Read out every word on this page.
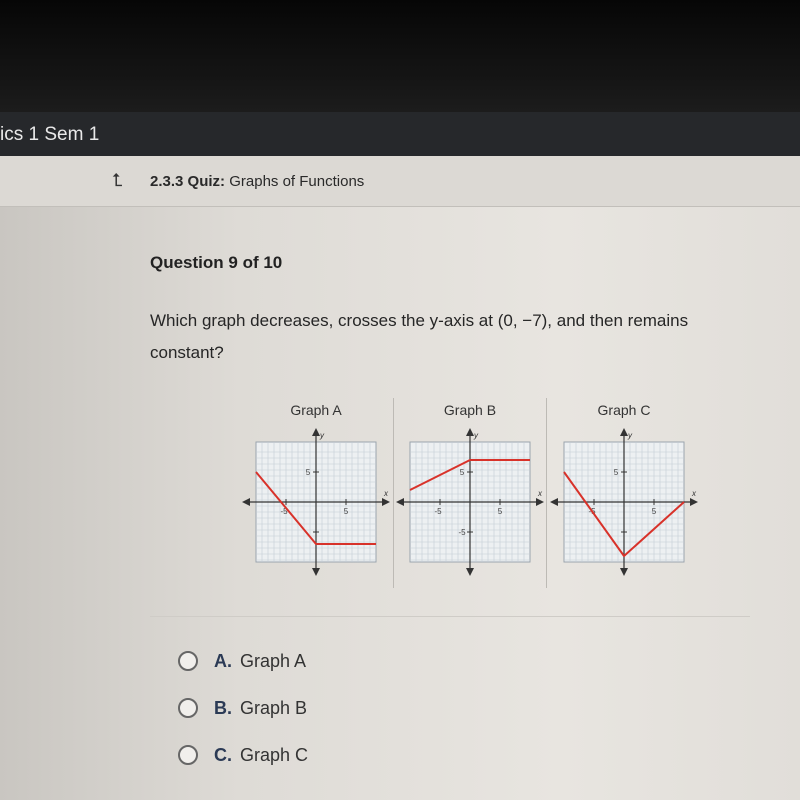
ics 1 Sem 1
⮤ 2.3.3 Quiz: Graphs of Functions
Question 9 of 10
Which graph decreases, crosses the y-axis at (0, −7), and then remains constant?
Graph A	Graph B	Graph C
y
x
-5	5
5
y
x
-5	5
5
-5
y
x
-5	5
5
A. Graph A
B. Graph B
C. Graph C
